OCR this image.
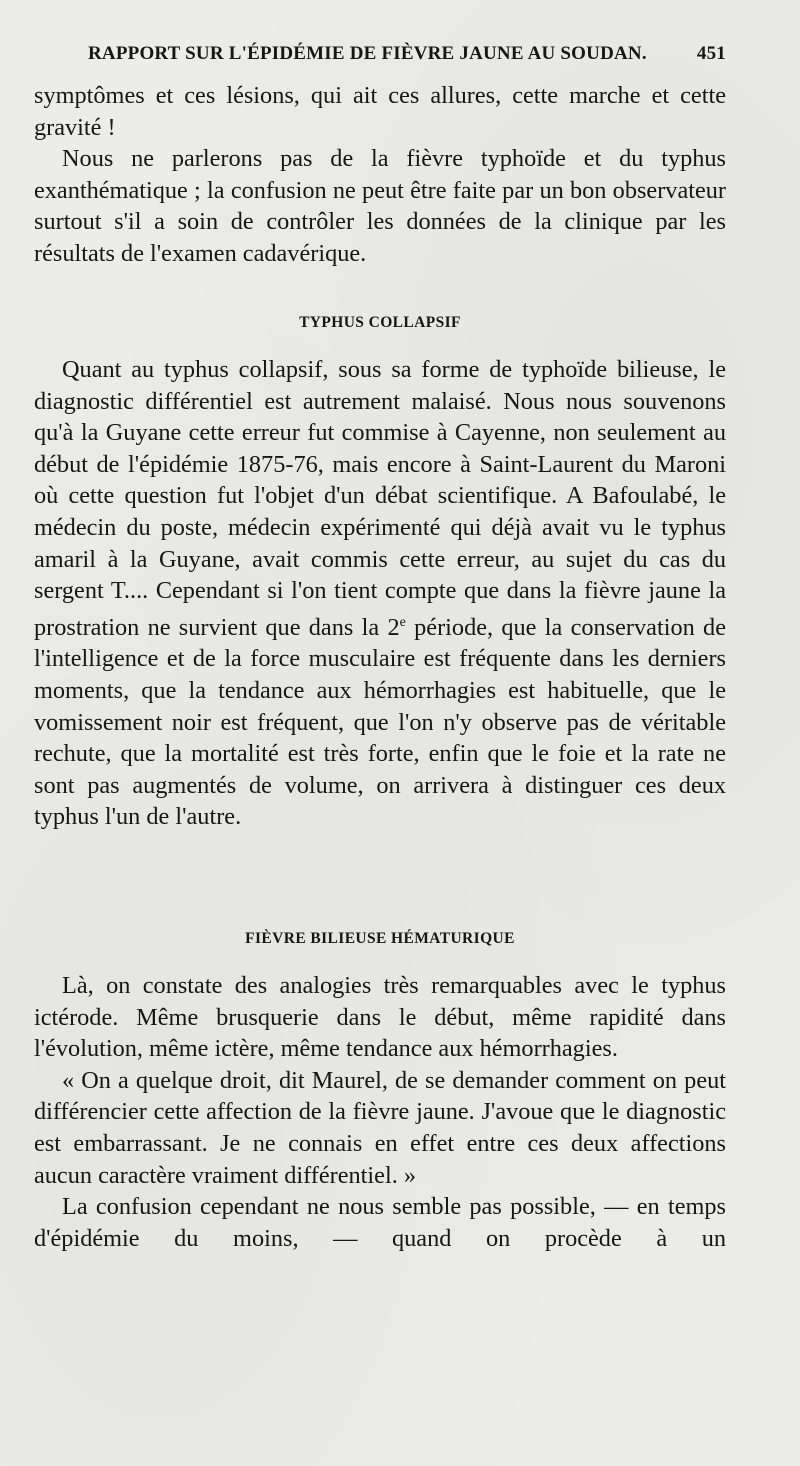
RAPPORT SUR L'ÉPIDÉMIE DE FIÈVRE JAUNE AU SOUDAN.	451

symptômes et ces lésions, qui ait ces allures, cette marche et cette gravité !

Nous ne parlerons pas de la fièvre typhoïde et du typhus exanthématique ; la confusion ne peut être faite par un bon observateur surtout s'il a soin de contrôler les données de la clinique par les résultats de l'examen cadavérique.

TYPHUS COLLAPSIF

Quant au typhus collapsif, sous sa forme de typhoïde bilieuse, le diagnostic différentiel est autrement malaisé. Nous nous souvenons qu'à la Guyane cette erreur fut commise à Cayenne, non seulement au début de l'épidémie 1875-76, mais encore à Saint-Laurent du Maroni où cette question fut l'objet d'un débat scientifique. A Bafoulabé, le médecin du poste, médecin expérimenté qui déjà avait vu le typhus amaril à la Guyane, avait commis cette erreur, au sujet du cas du sergent T.... Cependant si l'on tient compte que dans la fièvre jaune la prostration ne survient que dans la 2e période, que la conservation de l'intelligence et de la force musculaire est fréquente dans les derniers moments, que la tendance aux hémorrhagies est habituelle, que le vomissement noir est fréquent, que l'on n'y observe pas de véritable rechute, que la mortalité est très forte, enfin que le foie et la rate ne sont pas augmentés de volume, on arrivera à distinguer ces deux typhus l'un de l'autre.

FIÈVRE BILIEUSE HÉMATURIQUE

Là, on constate des analogies très remarquables avec le typhus ictérode. Même brusquerie dans le début, même rapidité dans l'évolution, même ictère, même tendance aux hémorrhagies.

« On a quelque droit, dit Maurel, de se demander comment on peut différencier cette affection de la fièvre jaune. J'avoue que le diagnostic est embarrassant. Je ne connais en effet entre ces deux affections aucun caractère vraiment différentiel. »

La confusion cependant ne nous semble pas possible, — en temps d'épidémie du moins, — quand on procède à un
